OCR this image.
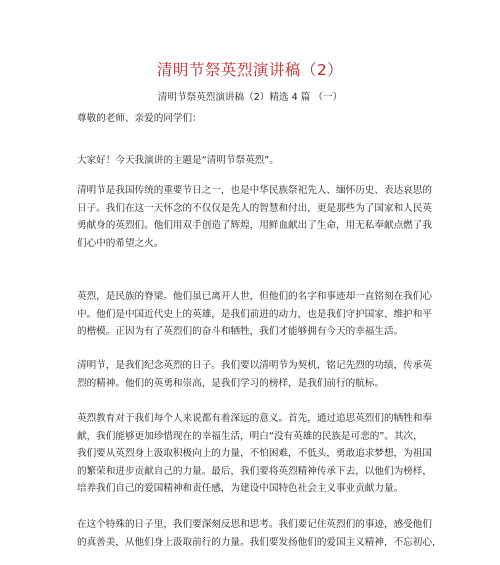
清明节祭英烈演讲稿（2）
清明节祭英烈演讲稿（2）精选 4 篇 （一）
尊敬的老师、亲爱的同学们：
大家好！今天我演讲的主题是“清明节祭英烈”。
清明节是我国传统的重要节日之一，也是中华民族祭祀先人、缅怀历史、表达哀思的
日子。我们在这一天怀念的不仅仅是先人的智慧和付出，更是那些为了国家和人民英
勇献身的英烈们。他们用双手创造了辉煌，用鲜血献出了生命，用无私奉献点燃了我
们心中的希望之火。
英烈，是民族的脊梁。他们虽已离开人世，但他们的名字和事迹却一直铭刻在我们心
中。他们是中国近代史上的英雄，是我们前进的动力，也是我们守护国家、维护和平
的楷模。正因为有了英烈们的奋斗和牺牲，我们才能够拥有今天的幸福生活。
清明节，是我们纪念英烈的日子。我们要以清明节为契机，铭记先烈的功绩，传承英
烈的精神。他们的英勇和崇高，是我们学习的榜样，是我们前行的航标。
英烈教育对于我们每个人来说都有着深远的意义。首先，通过追思英烈们的牺牲和奉
献，我们能够更加珍惜现在的幸福生活，明白“没有英雄的民族是可悲的”。其次，
我们要从英烈身上汲取积极向上的力量，不怕困难，不低头，勇敢追求梦想，为祖国
的繁荣和进步贡献自己的力量。最后，我们要将英烈精神传承下去，以他们为榜样，
培养我们自己的爱国精神和责任感，为建设中国特色社会主义事业贡献力量。
在这个特殊的日子里，我们要深刻反思和思考。我们要记住英烈们的事迹，感受他们
的真善美，从他们身上汲取前行的力量。我们要发扬他们的爱国主义精神，不忘初心，
